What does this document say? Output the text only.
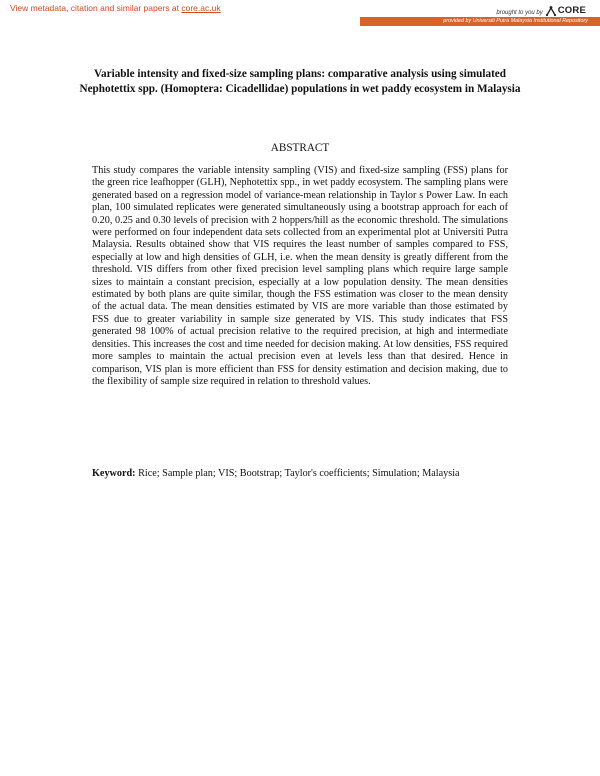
View metadata, citation and similar papers at core.ac.uk	brought to you by CORE
provided by Universiti Putra Malaysia Institutional Repository
Variable intensity and fixed-size sampling plans: comparative analysis using simulated Nephotettix spp. (Homoptera: Cicadellidae) populations in wet paddy ecosystem in Malaysia
ABSTRACT
This study compares the variable intensity sampling (VIS) and fixed-size sampling (FSS) plans for the green rice leafhopper (GLH), Nephotettix spp., in wet paddy ecosystem. The sampling plans were generated based on a regression model of variance-mean relationship in Taylor s Power Law. In each plan, 100 simulated replicates were generated simultaneously using a bootstrap approach for each of 0.20, 0.25 and 0.30 levels of precision with 2 hoppers/hill as the economic threshold. The simulations were performed on four independent data sets collected from an experimental plot at Universiti Putra Malaysia. Results obtained show that VIS requires the least number of samples compared to FSS, especially at low and high densities of GLH, i.e. when the mean density is greatly different from the threshold. VIS differs from other fixed precision level sampling plans which require large sample sizes to maintain a constant precision, especially at a low population density. The mean densities estimated by both plans are quite similar, though the FSS estimation was closer to the mean density of the actual data. The mean densities estimated by VIS are more variable than those estimated by FSS due to greater variability in sample size generated by VIS. This study indicates that FSS generated 98 100% of actual precision relative to the required precision, at high and intermediate densities. This increases the cost and time needed for decision making. At low densities, FSS required more samples to maintain the actual precision even at levels less than that desired. Hence in comparison, VIS plan is more efficient than FSS for density estimation and decision making, due to the flexibility of sample size required in relation to threshold values.
Keyword: Rice; Sample plan; VIS; Bootstrap; Taylor's coefficients; Simulation; Malaysia
